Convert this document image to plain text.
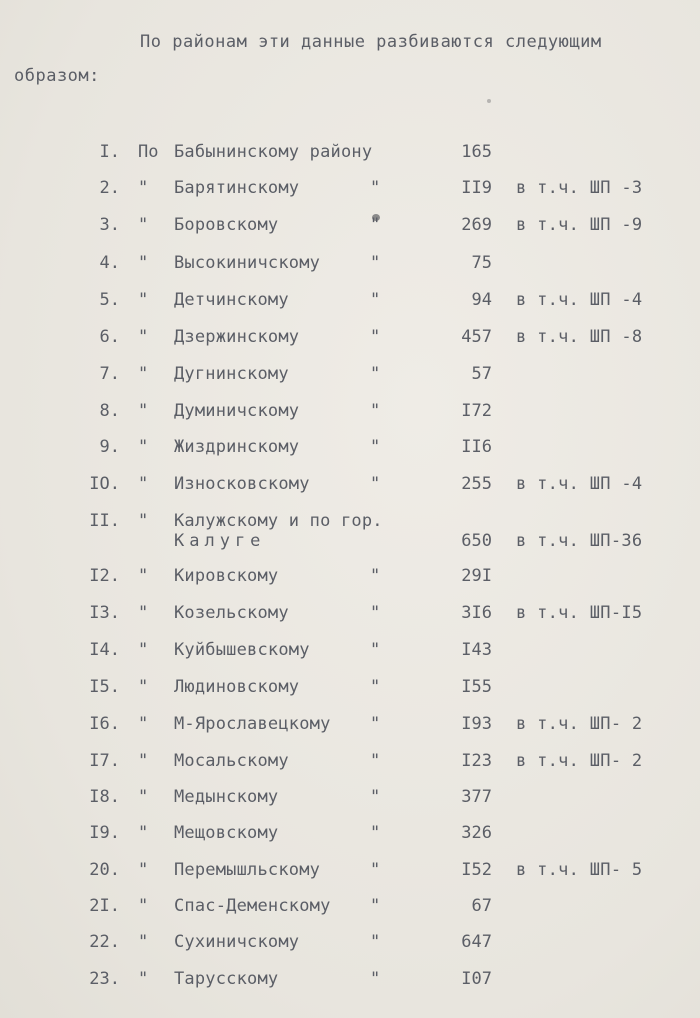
По районам эти данные разбиваются следующим
образом:
I. По Бабынинскому району	165
2. " Барятинскому	"	II9 в т.ч. ШП -3
3. " Боровскому	"	269 в т.ч. ШП -9
4. " Высокиничскому	"	75
5. " Детчинскому	"	94 в т.ч. ШП -4
6. " Дзержинскому	"	457 в т.ч. ШП -8
7. " Дугнинскому	"	57
8. " Думиничскому	"	I72
9. " Жиздринскому	"	II6
IO. " Износковскому	"	255 в т.ч. ШП -4
II. " Калужскому и по гор.
Калуге	650 в т.ч. ШП-36
I2. " Кировскому	"	29I
I3. " Козельскому	"	3I6 в т.ч. ШП-I5
I4. " Куйбышевскому	"	I43
I5. " Людиновскому	"	I55
I6. " М-Ярославецкому "	I93 в т.ч. ШП- 2
I7. " Мосальскому	"	I23 в т.ч. ШП- 2
I8. " Медынскому	"	377
I9. " Мещовскому	"	326
20. " Перемышльскому	"	I52 в т.ч. ШП- 5
2I. " Спас-Деменскому "	67
22. " Сухиничскому	"	647
23. " Тарусскому	"	I07
